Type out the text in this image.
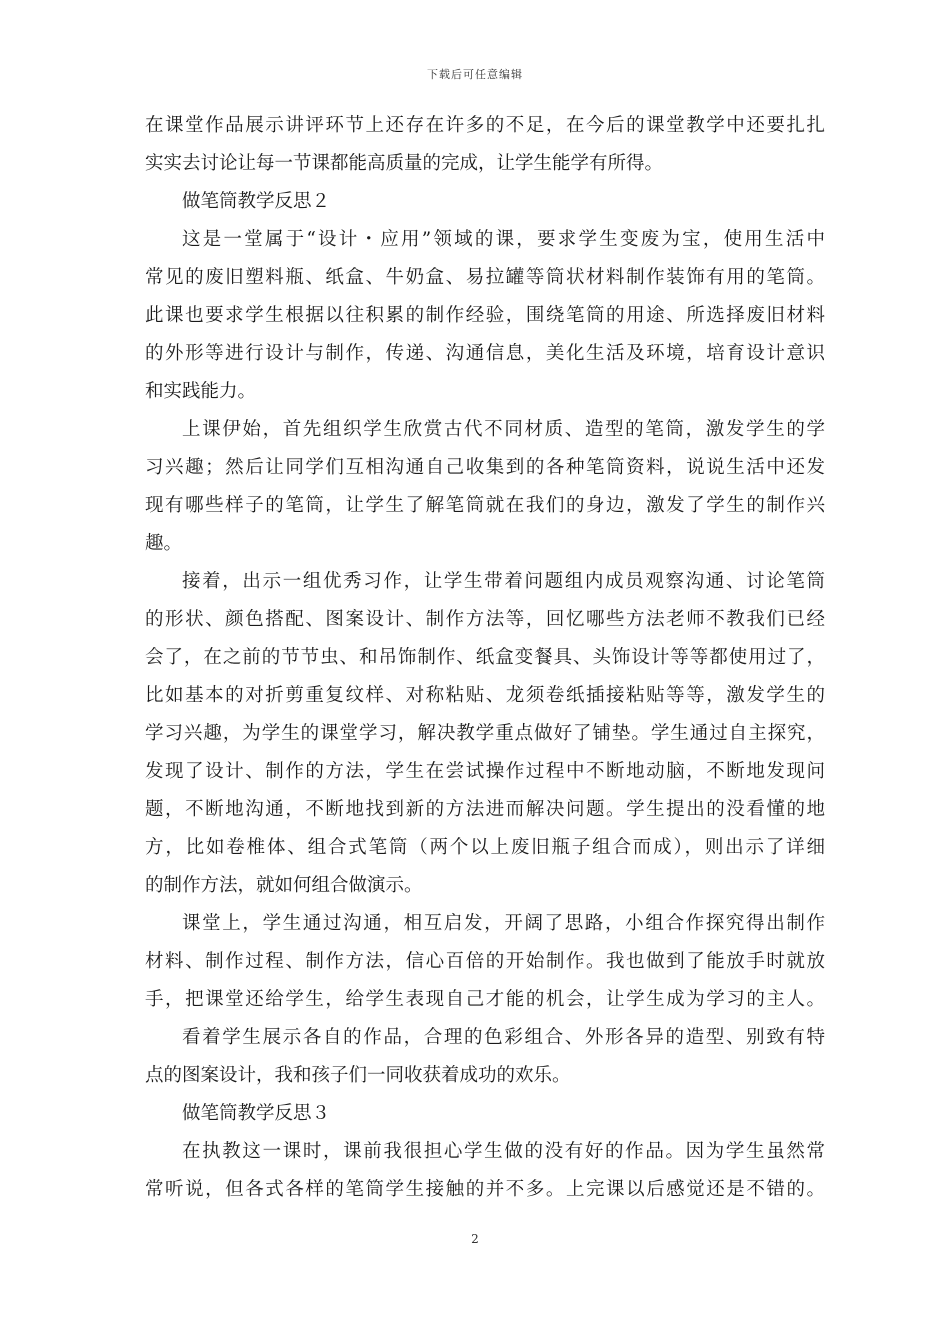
下载后可任意编辑
在课堂作品展示讲评环节上还存在许多的不足，在今后的课堂教学中还要扎扎
实实去讨论让每一节课都能高质量的完成，让学生能学有所得。
做笔筒教学反思２
这是一堂属于“设计・应用”领域的课，要求学生变废为宝，使用生活中
常见的废旧塑料瓶、纸盒、牛奶盒、易拉罐等筒状材料制作装饰有用的笔筒。
此课也要求学生根据以往积累的制作经验，围绕笔筒的用途、所选择废旧材料
的外形等进行设计与制作，传递、沟通信息，美化生活及环境，培育设计意识
和实践能力。
上课伊始，首先组织学生欣赏古代不同材质、造型的笔筒，激发学生的学
习兴趣；然后让同学们互相沟通自己收集到的各种笔筒资料，说说生活中还发
现有哪些样子的笔筒，让学生了解笔筒就在我们的身边，激发了学生的制作兴
趣。
接着，出示一组优秀习作，让学生带着问题组内成员观察沟通、讨论笔筒
的形状、颜色搭配、图案设计、制作方法等，回忆哪些方法老师不教我们已经
会了，在之前的节节虫、和吊饰制作、纸盒变餐具、头饰设计等等都使用过了，
比如基本的对折剪重复纹样、对称粘贴、龙须卷纸插接粘贴等等，激发学生的
学习兴趣，为学生的课堂学习，解决教学重点做好了铺垫。学生通过自主探究，
发现了设计、制作的方法，学生在尝试操作过程中不断地动脑，不断地发现问
题，不断地沟通，不断地找到新的方法进而解决问题。学生提出的没看懂的地
方，比如卷椎体、组合式笔筒（两个以上废旧瓶子组合而成），则出示了详细
的制作方法，就如何组合做演示。
课堂上，学生通过沟通，相互启发，开阔了思路，小组合作探究得出制作
材料、制作过程、制作方法，信心百倍的开始制作。我也做到了能放手时就放
手，把课堂还给学生，给学生表现自己才能的机会，让学生成为学习的主人。
看着学生展示各自的作品，合理的色彩组合、外形各异的造型、别致有特
点的图案设计，我和孩子们一同收获着成功的欢乐。
做笔筒教学反思３
在执教这一课时，课前我很担心学生做的没有好的作品。因为学生虽然常
常听说，但各式各样的笔筒学生接触的并不多。上完课以后感觉还是不错的。
2
